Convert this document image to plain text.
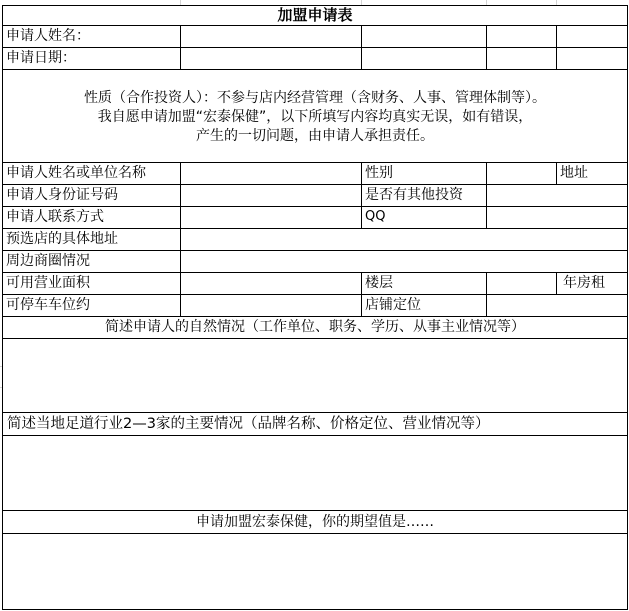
加盟申请表
申请人姓名：
申请日期：
性质（合作投资人）：不参与店内经营管理（含财务、人事、管理体制等）。
我自愿申请加盟“宏泰保健”，以下所填写内容均真实无误，如有错误，
产生的一切问题，由申请人承担责任。
申请人姓名或单位名称	性别	地址
申请人身份证号码	是否有其他投资
申请人联系方式	QQ
预选店的具体地址
周边商圈情况
可用营业面积	楼层	年房租
可停车车位约	店铺定位
简述申请人的自然情况（工作单位、职务、学历、从事主业情况等）
简述当地足道行业2—3家的主要情况（品牌名称、价格定位、营业情况等）
申请加盟宏泰保健，你的期望值是……
